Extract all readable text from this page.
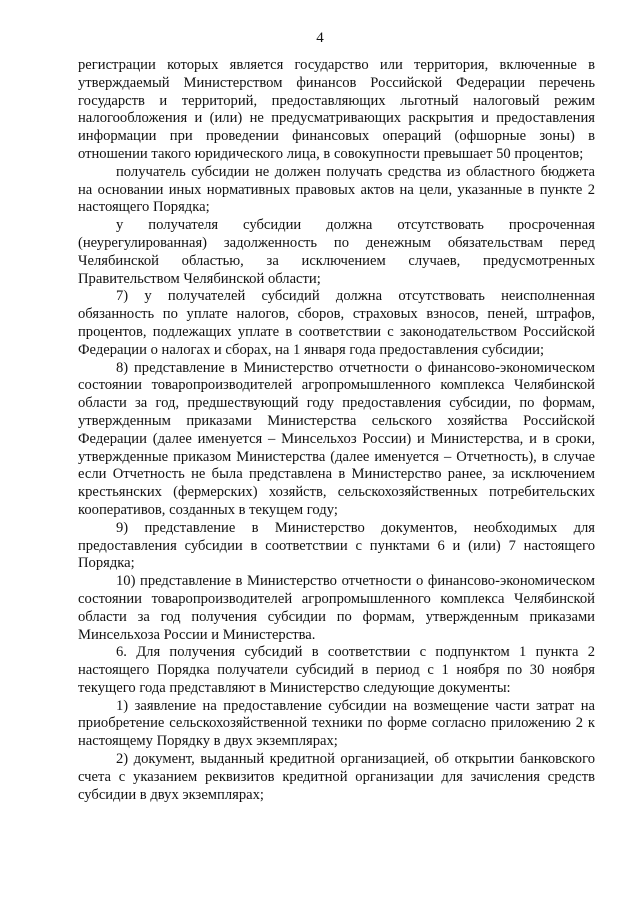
4

регистрации которых является государство или территория, включенные в утверждаемый Министерством финансов Российской Федерации перечень государств и территорий, предоставляющих льготный налоговый режим налогообложения и (или) не предусматривающих раскрытия и предоставления информации при проведении финансовых операций (офшорные зоны) в отношении такого юридического лица, в совокупности превышает 50 процентов;

получатель субсидии не должен получать средства из областного бюджета на основании иных нормативных правовых актов на цели, указанные в пункте 2 настоящего Порядка;

у получателя субсидии должна отсутствовать просроченная (неурегулированная) задолженность по денежным обязательствам перед Челябинской областью, за исключением случаев, предусмотренных Правительством Челябинской области;

7) у получателей субсидий должна отсутствовать неисполненная обязанность по уплате налогов, сборов, страховых взносов, пеней, штрафов, процентов, подлежащих уплате в соответствии с законодательством Российской Федерации о налогах и сборах, на 1 января года предоставления субсидии;

8) представление в Министерство отчетности о финансово-экономическом состоянии товаропроизводителей агропромышленного комплекса Челябинской области за год, предшествующий году предоставления субсидии, по формам, утвержденным приказами Министерства сельского хозяйства Российской Федерации (далее именуется – Минсельхоз России) и Министерства, и в сроки, утвержденные приказом Министерства (далее именуется – Отчетность), в случае если Отчетность не была представлена в Министерство ранее, за исключением крестьянских (фермерских) хозяйств, сельскохозяйственных потребительских кооперативов, созданных в текущем году;

9) представление в Министерство документов, необходимых для предоставления субсидии в соответствии с пунктами 6 и (или) 7 настоящего Порядка;

10) представление в Министерство отчетности о финансово-экономическом состоянии товаропроизводителей агропромышленного комплекса Челябинской области за год получения субсидии по формам, утвержденным приказами Минсельхоза России и Министерства.

6. Для получения субсидий в соответствии с подпунктом 1 пункта 2 настоящего Порядка получатели субсидий в период с 1 ноября по 30 ноября текущего года представляют в Министерство следующие документы:

1) заявление на предоставление субсидии на возмещение части затрат на приобретение сельскохозяйственной техники по форме согласно приложению 2 к настоящему Порядку в двух экземплярах;

2) документ, выданный кредитной организацией, об открытии банковского счета с указанием реквизитов кредитной организации для зачисления средств субсидии в двух экземплярах;
